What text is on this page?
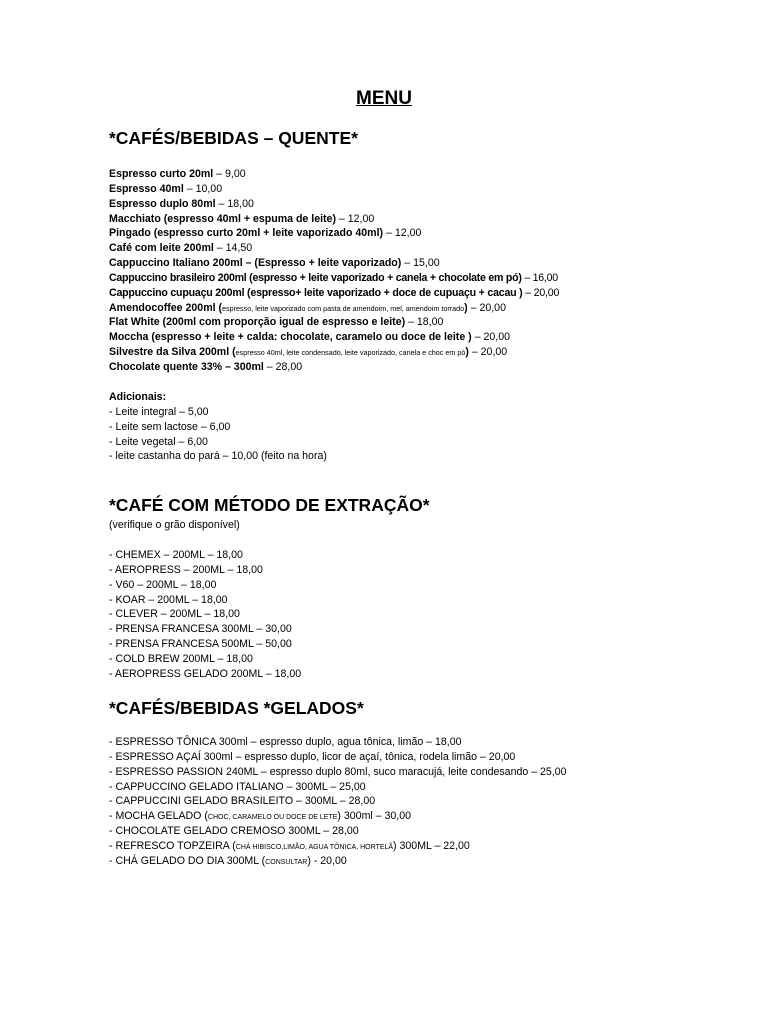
MENU
*CAFÉS/BEBIDAS – QUENTE*
Espresso curto 20ml – 9,00
Espresso 40ml – 10,00
Espresso duplo 80ml – 18,00
Macchiato (espresso 40ml + espuma de leite) – 12,00
Pingado (espresso curto 20ml + leite vaporizado 40ml) – 12,00
Café com leite 200ml – 14,50
Cappuccino Italiano 200ml – (Espresso + leite vaporizado) – 15,00
Cappuccino brasileiro 200ml (espresso + leite vaporizado + canela + chocolate em pó) – 16,00
Cappuccino cupuaçu 200ml (espresso+ leite vaporizado + doce de cupuaçu + cacau ) – 20,00
Amendocoffee 200ml (espresso, leite vaporizado com pasta de amendoim, mel, amendoim torrado) – 20,00
Flat White (200ml com proporção igual de espresso e leite) – 18,00
Moccha (espresso + leite + calda: chocolate, caramelo ou doce de leite ) – 20,00
Silvestre da Silva 200ml (espresso 40ml, leite condensado, leite vaporizado, canela e choc em pó) – 20,00
Chocolate quente 33% – 300ml – 28,00
Adicionais:
- Leite integral – 5,00
- Leite sem lactose – 6,00
- Leite vegetal – 6,00
- leite castanha do pará – 10,00 (feito na hora)
*CAFÉ COM MÉTODO DE EXTRAÇÃO*
(verifique o grão disponível)
- CHEMEX – 200ML – 18,00
- AEROPRESS – 200ML – 18,00
- V60 – 200ML – 18,00
- KOAR – 200ML – 18,00
- CLEVER – 200ML – 18,00
- PRENSA FRANCESA 300ML – 30,00
- PRENSA FRANCESA 500ML – 50,00
- COLD BREW 200ML – 18,00
- AEROPRESS GELADO 200ML – 18,00
*CAFÉS/BEBIDAS *GELADOS*
- ESPRESSO TÔNICA 300ml – espresso duplo, agua tônica, limão – 18,00
- ESPRESSO AÇAÍ 300ml – espresso duplo, licor de açaí, tônica, rodela limão – 20,00
- ESPRESSO PASSION 240ML – espresso duplo 80ml, suco maracujá, leite condesando – 25,00
- CAPPUCCINO GELADO ITALIANO – 300ML – 25,00
- CAPPUCCINI GELADO BRASILEITO – 300ML – 28,00
- MOCHA GELADO (CHOC, CARAMELO OU DOCE DE LETE) 300ml – 30,00
- CHOCOLATE GELADO CREMOSO 300ML – 28,00
- REFRESCO TOPZEIRA (CHÁ HIBISCO,LIMÃO, AGUA TÔNICA, HORTELÃ) 300ML – 22,00
- CHÁ GELADO DO DIA 300ML (CONSULTAR) - 20,00
